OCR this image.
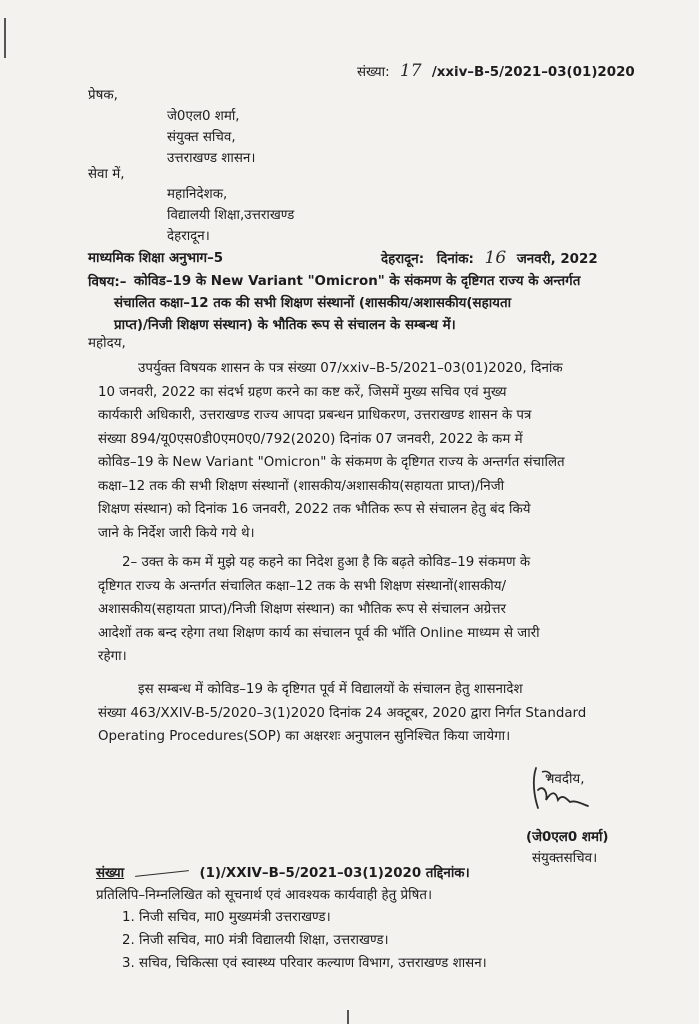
संख्या: 17 /xxiv–B-5/2021–03(01)2020
प्रेषक,
जे0एल0 शर्मा,
संयुक्त सचिव,
उत्तराखण्ड शासन।
सेवा में,
महानिदेशक,
विद्यालयी शिक्षा,उत्तराखण्ड
देहरादून।
माध्यमिक शिक्षा अनुभाग–5	देहरादून: दिनांक: 16 जनवरी, 2022
विषय:– कोविड–19 के New Variant "Omicron" के संकमण के दृष्टिगत राज्य के अन्तर्गत
संचालित कक्षा–12 तक की सभी शिक्षण संस्थानों (शासकीय/अशासकीय(सहायता
प्राप्त)/निजी शिक्षण संस्थान) के भौतिक रूप से संचालन के सम्बन्ध में।
महोदय,
उपर्युक्त विषयक शासन के पत्र संख्या 07/xxiv–B-5/2021–03(01)2020, दिनांक
10 जनवरी, 2022 का संदर्भ ग्रहण करने का कष्ट करें, जिसमें मुख्य सचिव एवं मुख्य
कार्यकारी अधिकारी, उत्तराखण्ड राज्य आपदा प्रबन्धन प्राधिकरण, उत्तराखण्ड शासन के पत्र
संख्या 894/यू0एस0डी0एम0ए0/792(2020) दिनांक 07 जनवरी, 2022 के कम में
कोविड–19 के New Variant "Omicron" के संकमण के दृष्टिगत राज्य के अन्तर्गत संचालित
कक्षा–12 तक की सभी शिक्षण संस्थानों (शासकीय/अशासकीय(सहायता प्राप्त)/निजी
शिक्षण संस्थान) को दिनांक 16 जनवरी, 2022 तक भौतिक रूप से संचालन हेतु बंद किये
जाने के निर्देश जारी किये गये थे।
2– उक्त के कम में मुझे यह कहने का निदेश हुआ है कि बढ़ते कोविड–19 संकमण के
दृष्टिगत राज्य के अन्तर्गत संचालित कक्षा–12 तक के सभी शिक्षण संस्थानों(शासकीय/
अशासकीय(सहायता प्राप्त)/निजी शिक्षण संस्थान) का भौतिक रूप से संचालन अग्रेत्तर
आदेशों तक बन्द रहेगा तथा शिक्षण कार्य का संचालन पूर्व की भॉति Online माध्यम से जारी
रहेगा।
इस सम्बन्ध में कोविड–19 के दृष्टिगत पूर्व में विद्यालयों के संचालन हेतु शासनादेश
संख्या 463/XXIV-B-5/2020–3(1)2020 दिनांक 24 अक्टूबर, 2020 द्वारा निर्गत Standard
Operating Procedures(SOP) का अक्षरशः अनुपालन सुनिश्चित किया जायेगा।
भवदीय,
(जे0एल0 शर्मा)
संयुक्तसचिव।
संख्या	(1)/XXIV–B–5/2021–03(1)2020 तद्दिनांक।
प्रतिलिपि–निम्नलिखित को सूचनार्थ एवं आवश्यक कार्यवाही हेतु प्रेषित।
1. निजी सचिव, मा0 मुख्यमंत्री उत्तराखण्ड।
2. निजी सचिव, मा0 मंत्री विद्यालयी शिक्षा, उत्तराखण्ड।
3. सचिव, चिकित्सा एवं स्वास्थ्य परिवार कल्याण विभाग, उत्तराखण्ड शासन।
